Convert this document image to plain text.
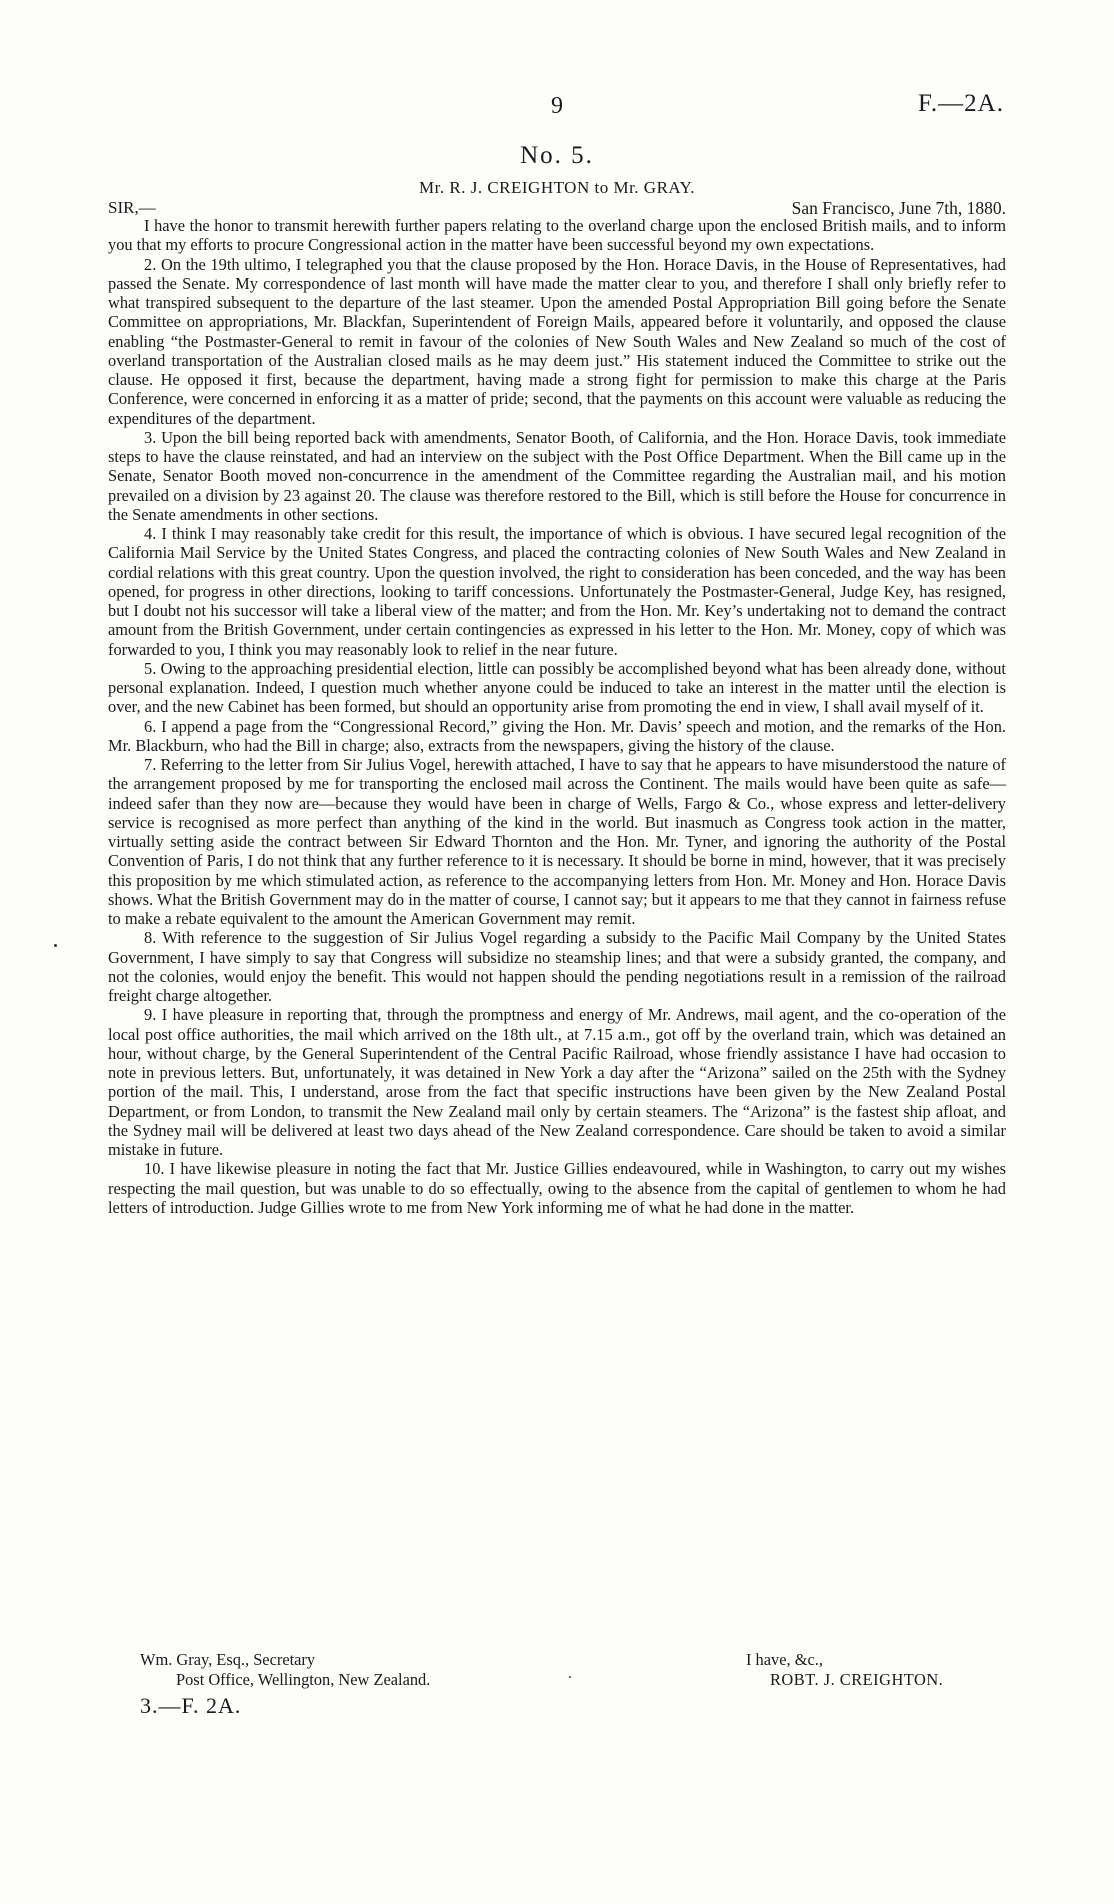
9	F.—2A.
No. 5.
Mr. R. J. CREIGHTON to Mr. GRAY.
SIR,—	San Francisco, June 7th, 1880.

I have the honor to transmit herewith further papers relating to the overland charge upon the enclosed British mails, and to inform you that my efforts to procure Congressional action in the matter have been successful beyond my own expectations.

2. On the 19th ultimo, I telegraphed you that the clause proposed by the Hon. Horace Davis, in the House of Representatives, had passed the Senate. My correspondence of last month will have made the matter clear to you, and therefore I shall only briefly refer to what transpired subsequent to the departure of the last steamer. Upon the amended Postal Appropriation Bill going before the Senate Committee on appropriations, Mr. Blackfan, Superintendent of Foreign Mails, appeared before it voluntarily, and opposed the clause enabling “the Postmaster-General to remit in favour of the colonies of New South Wales and New Zealand so much of the cost of overland transportation of the Australian closed mails as he may deem just.” His statement induced the Committee to strike out the clause. He opposed it first, because the department, having made a strong fight for permission to make this charge at the Paris Conference, were concerned in enforcing it as a matter of pride; second, that the payments on this account were valuable as reducing the expenditures of the department.

3. Upon the bill being reported back with amendments, Senator Booth, of California, and the Hon. Horace Davis, took immediate steps to have the clause reinstated, and had an interview on the subject with the Post Office Department. When the Bill came up in the Senate, Senator Booth moved non-concurrence in the amendment of the Committee regarding the Australian mail, and his motion prevailed on a division by 23 against 20. The clause was therefore restored to the Bill, which is still before the House for concurrence in the Senate amendments in other sections.

4. I think I may reasonably take credit for this result, the importance of which is obvious. I have secured legal recognition of the California Mail Service by the United States Congress, and placed the contracting colonies of New South Wales and New Zealand in cordial relations with this great country. Upon the question involved, the right to consideration has been conceded, and the way has been opened, for progress in other directions, looking to tariff concessions. Unfortunately the Postmaster-General, Judge Key, has resigned, but I doubt not his successor will take a liberal view of the matter; and from the Hon. Mr. Key’s undertaking not to demand the contract amount from the British Government, under certain contingencies as expressed in his letter to the Hon. Mr. Money, copy of which was forwarded to you, I think you may reasonably look to relief in the near future.

5. Owing to the approaching presidential election, little can possibly be accomplished beyond what has been already done, without personal explanation. Indeed, I question much whether anyone could be induced to take an interest in the matter until the election is over, and the new Cabinet has been formed, but should an opportunity arise from promoting the end in view, I shall avail myself of it.

6. I append a page from the “Congressional Record,” giving the Hon. Mr. Davis’ speech and motion, and the remarks of the Hon. Mr. Blackburn, who had the Bill in charge; also, extracts from the newspapers, giving the history of the clause.

7. Referring to the letter from Sir Julius Vogel, herewith attached, I have to say that he appears to have misunderstood the nature of the arrangement proposed by me for transporting the enclosed mail across the Continent. The mails would have been quite as safe—indeed safer than they now are—because they would have been in charge of Wells, Fargo & Co., whose express and letter-delivery service is recognised as more perfect than anything of the kind in the world. But inasmuch as Congress took action in the matter, virtually setting aside the contract between Sir Edward Thornton and the Hon. Mr. Tyner, and ignoring the authority of the Postal Convention of Paris, I do not think that any further reference to it is necessary. It should be borne in mind, however, that it was precisely this proposition by me which stimulated action, as reference to the accompanying letters from Hon. Mr. Money and Hon. Horace Davis shows. What the British Government may do in the matter of course, I cannot say; but it appears to me that they cannot in fairness refuse to make a rebate equivalent to the amount the American Government may remit.

8. With reference to the suggestion of Sir Julius Vogel regarding a subsidy to the Pacific Mail Company by the United States Government, I have simply to say that Congress will subsidize no steamship lines; and that were a subsidy granted, the company, and not the colonies, would enjoy the benefit. This would not happen should the pending negotiations result in a remission of the railroad freight charge altogether.

9. I have pleasure in reporting that, through the promptness and energy of Mr. Andrews, mail agent, and the co-operation of the local post office authorities, the mail which arrived on the 18th ult., at 7.15 a.m., got off by the overland train, which was detained an hour, without charge, by the General Superintendent of the Central Pacific Railroad, whose friendly assistance I have had occasion to note in previous letters. But, unfortunately, it was detained in New York a day after the “Arizona” sailed on the 25th with the Sydney portion of the mail. This, I understand, arose from the fact that specific instructions have been given by the New Zealand Postal Department, or from London, to transmit the New Zealand mail only by certain steamers. The “Arizona” is the fastest ship afloat, and the Sydney mail will be delivered at least two days ahead of the New Zealand correspondence. Care should be taken to avoid a similar mistake in future.

10. I have likewise pleasure in noting the fact that Mr. Justice Gillies endeavoured, while in Washington, to carry out my wishes respecting the mail question, but was unable to do so effectually, owing to the absence from the capital of gentlemen to whom he had letters of introduction. Judge Gillies wrote to me from New York informing me of what he had done in the matter.

Wm. Gray, Esq., Secretary	I have, &c.,
Post Office, Wellington, New Zealand.	ROBT. J. CREIGHTON.
3.—F. 2A.
